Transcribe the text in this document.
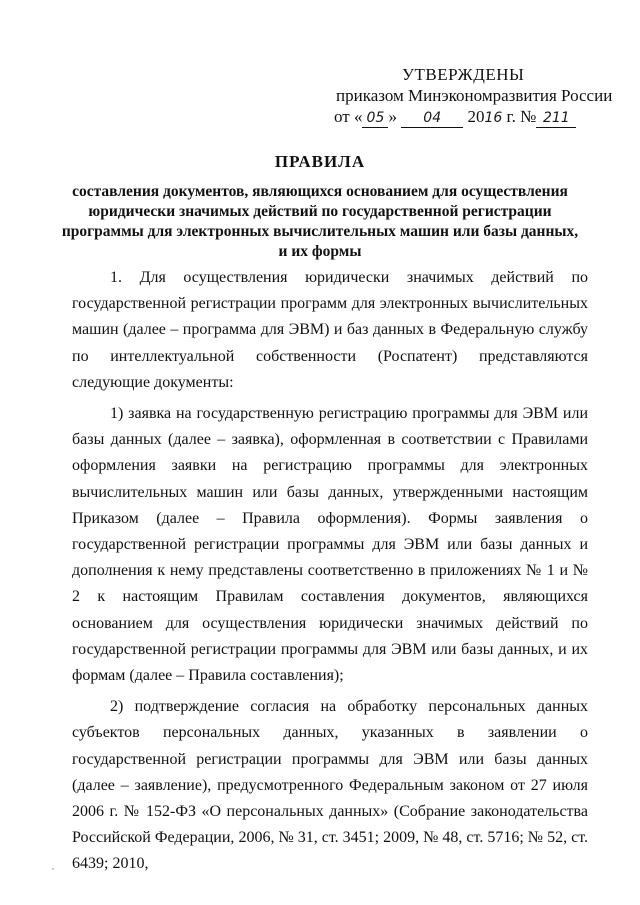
УТВЕРЖДЕНЫ
приказом Минэкономразвития России
от « 05 » 04 2016 г. № 211
ПРАВИЛА
составления документов, являющихся основанием для осуществления юридически значимых действий по государственной регистрации программы для электронных вычислительных машин или базы данных, и их формы

1. Для осуществления юридически значимых действий по государственной регистрации программ для электронных вычислительных машин (далее – программа для ЭВМ) и баз данных в Федеральную службу по интеллектуальной собственности (Роспатент) представляются следующие документы:

1) заявка на государственную регистрацию программы для ЭВМ или базы данных (далее – заявка), оформленная в соответствии с Правилами оформления заявки на регистрацию программы для электронных вычислительных машин или базы данных, утвержденными настоящим Приказом (далее – Правила оформления). Формы заявления о государственной регистрации программы для ЭВМ или базы данных и дополнения к нему представлены соответственно в приложениях № 1 и № 2 к настоящим Правилам составления документов, являющихся основанием для осуществления юридически значимых действий по государственной регистрации программы для ЭВМ или базы данных, и их формам (далее – Правила составления);

2) подтверждение согласия на обработку персональных данных субъектов персональных данных, указанных в заявлении о государственной регистрации программы для ЭВМ или базы данных (далее – заявление), предусмотренного Федеральным законом от 27 июля 2006 г. № 152-ФЗ «О персональных данных» (Собрание законодательства Российской Федерации, 2006, № 31, ст. 3451; 2009, № 48, ст. 5716; № 52, ст. 6439; 2010,
